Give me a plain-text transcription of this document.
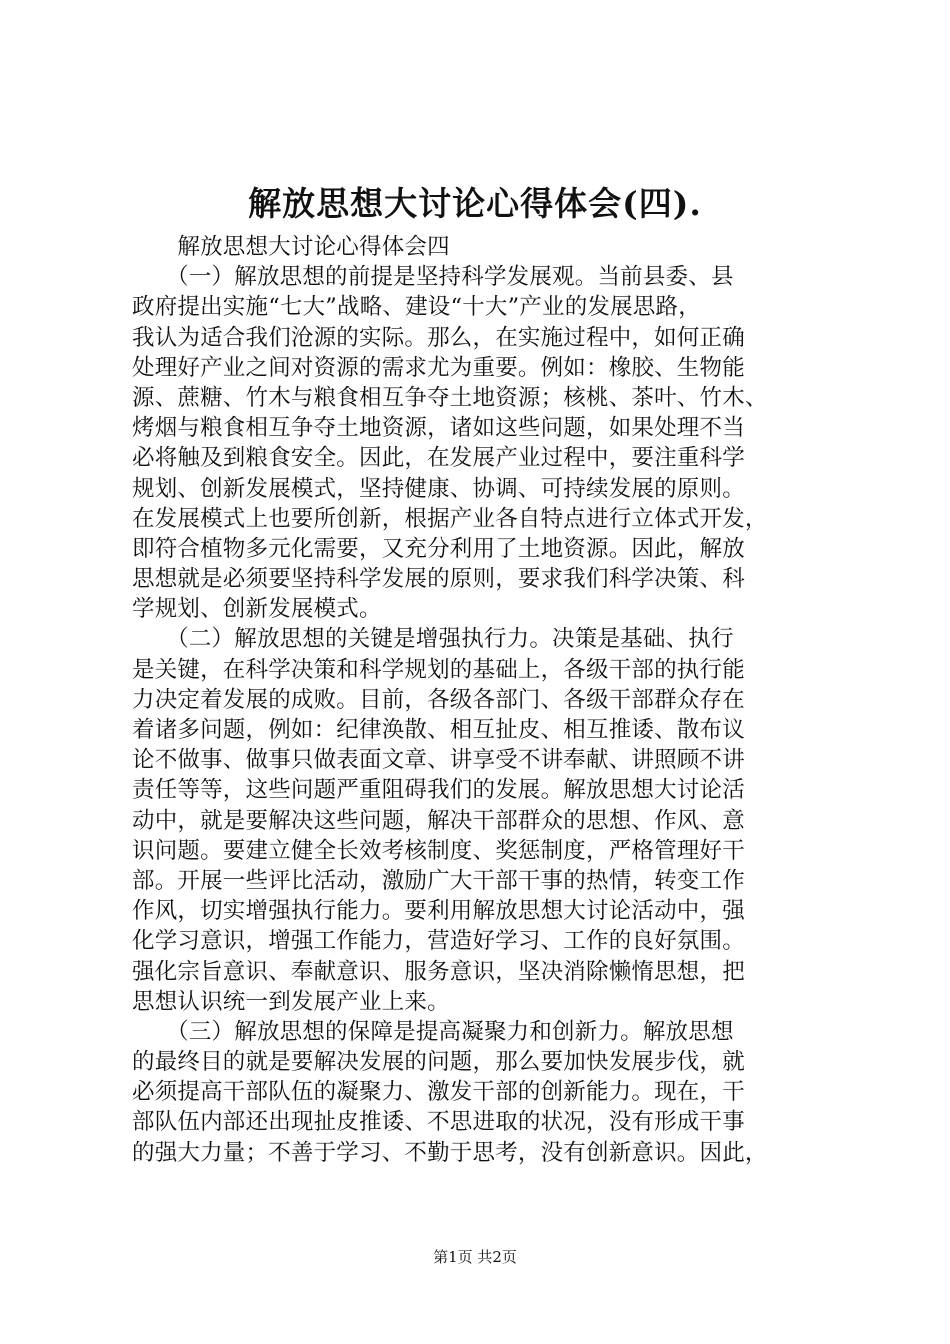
解放思想大讨论心得体会(四).
　　解放思想大讨论心得体会四
　　（一）解放思想的前提是坚持科学发展观。当前县委、县
政府提出实施“七大”战略、建设“十大”产业的发展思路，
我认为适合我们沧源的实际。那么，在实施过程中，如何正确
处理好产业之间对资源的需求尤为重要。例如：橡胶、生物能
源、蔗糖、竹木与粮食相互争夺土地资源；核桃、茶叶、竹木、
烤烟与粮食相互争夺土地资源，诸如这些问题，如果处理不当
必将触及到粮食安全。因此，在发展产业过程中，要注重科学
规划、创新发展模式，坚持健康、协调、可持续发展的原则。
在发展模式上也要所创新，根据产业各自特点进行立体式开发，
即符合植物多元化需要，又充分利用了土地资源。因此，解放
思想就是必须要坚持科学发展的原则，要求我们科学决策、科
学规划、创新发展模式。
　　（二）解放思想的关键是增强执行力。决策是基础、执行
是关键，在科学决策和科学规划的基础上，各级干部的执行能
力决定着发展的成败。目前，各级各部门、各级干部群众存在
着诸多问题，例如：纪律涣散、相互扯皮、相互推诿、散布议
论不做事、做事只做表面文章、讲享受不讲奉献、讲照顾不讲
责任等等，这些问题严重阻碍我们的发展。解放思想大讨论活
动中，就是要解决这些问题，解决干部群众的思想、作风、意
识问题。要建立健全长效考核制度、奖惩制度，严格管理好干
部。开展一些评比活动，激励广大干部干事的热情，转变工作
作风，切实增强执行能力。要利用解放思想大讨论活动中，强
化学习意识，增强工作能力，营造好学习、工作的良好氛围。
强化宗旨意识、奉献意识、服务意识，坚决消除懒惰思想，把
思想认识统一到发展产业上来。
　　（三）解放思想的保障是提高凝聚力和创新力。解放思想
的最终目的就是要解决发展的问题，那么要加快发展步伐，就
必须提高干部队伍的凝聚力、激发干部的创新能力。现在，干
部队伍内部还出现扯皮推诿、不思进取的状况，没有形成干事
的强大力量；不善于学习、不勤于思考，没有创新意识。因此，
第1页 共2页
